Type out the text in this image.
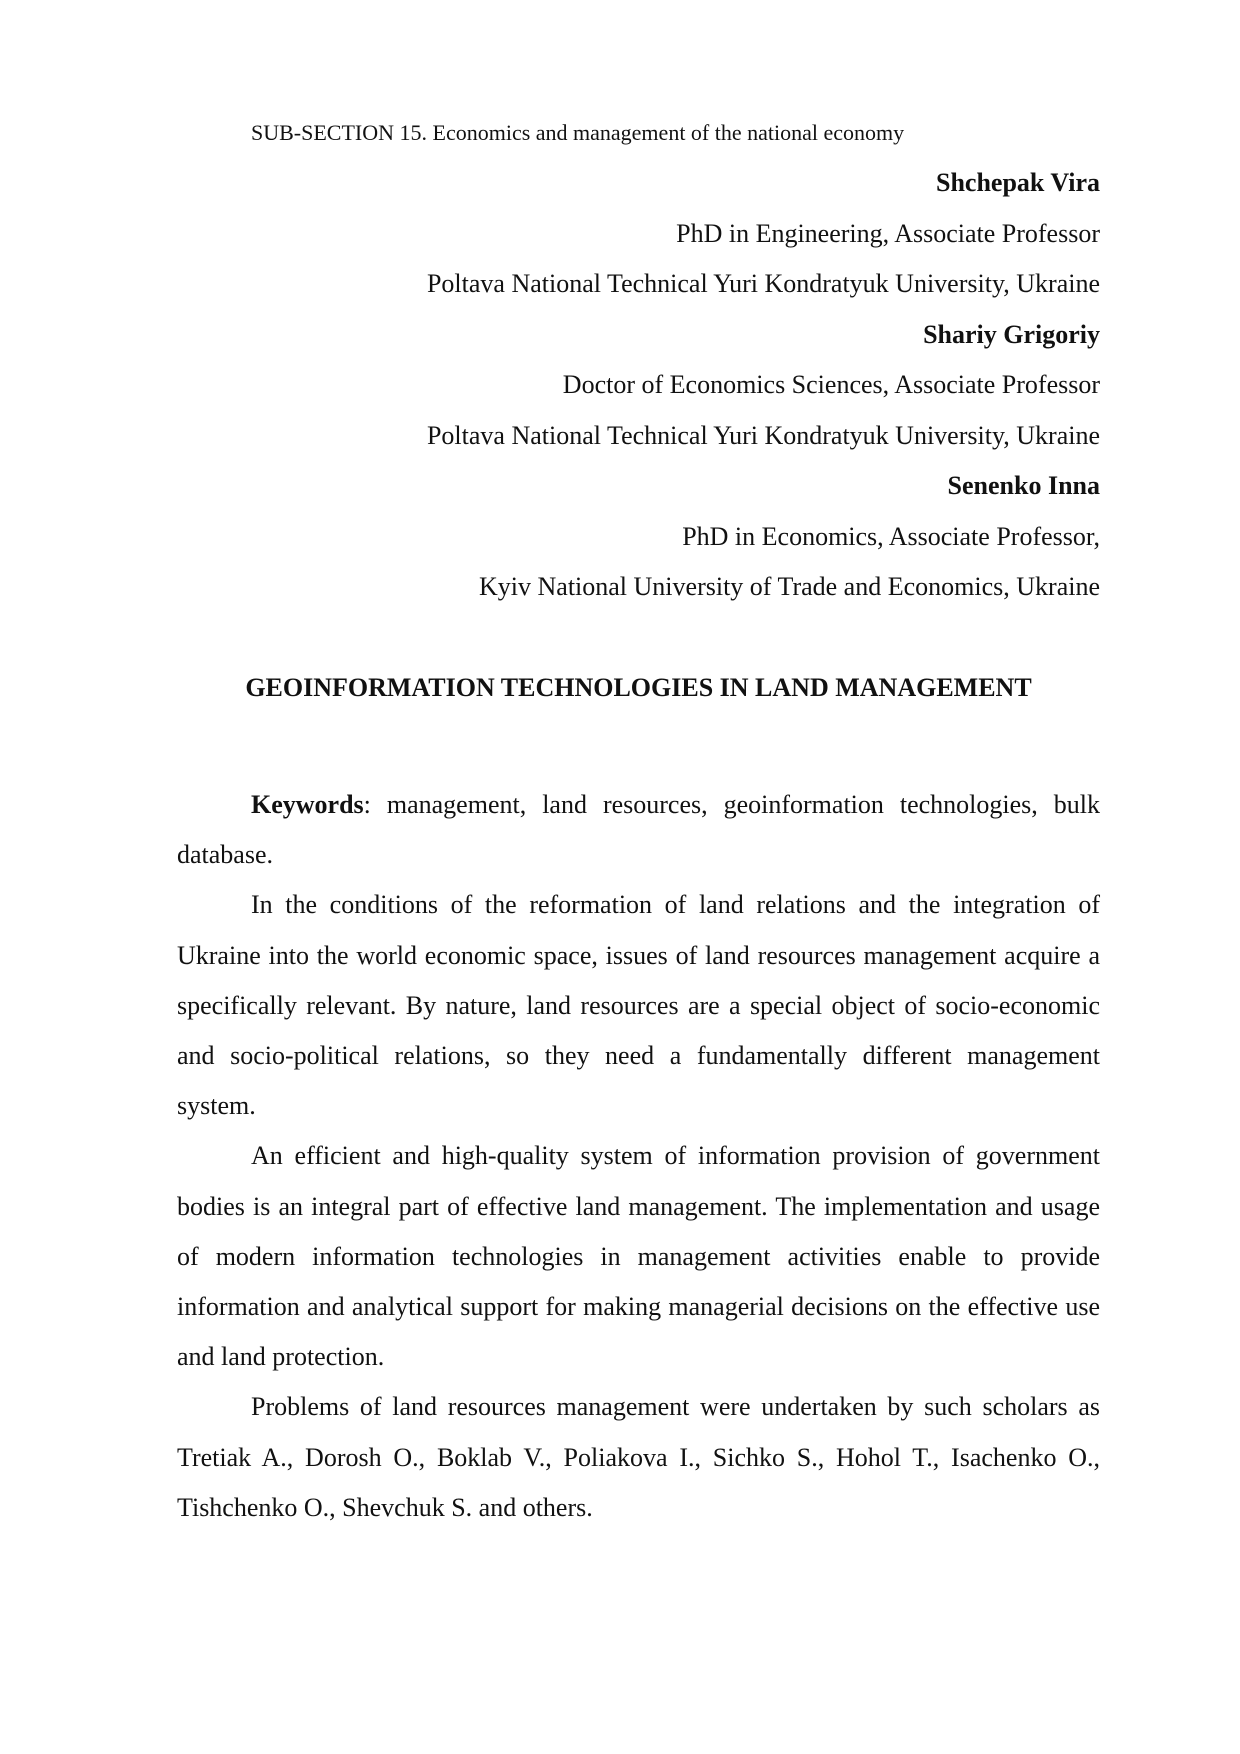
SUB-SECTION 15. Economics and management of the national economy
Shchepak Vira
PhD in Engineering, Associate Professor
Poltava National Technical Yuri Kondratyuk University, Ukraine
Shariy Grigoriy
Doctor of Economics Sciences, Associate Professor
Poltava National Technical Yuri Kondratyuk University, Ukraine
Senenko Inna
PhD in Economics, Associate Professor,
Kyiv National University of Trade and Economics, Ukraine
GEOINFORMATION TECHNOLOGIES IN LAND MANAGEMENT

Keywords: management, land resources, geoinformation technologies, bulk database.

In the conditions of the reformation of land relations and the integration of Ukraine into the world economic space, issues of land resources management acquire a specifically relevant. By nature, land resources are a special object of socio-economic and socio-political relations, so they need a fundamentally different management system.

An efficient and high-quality system of information provision of government bodies is an integral part of effective land management. The implementation and usage of modern information technologies in management activities enable to provide information and analytical support for making managerial decisions on the effective use and land protection.

Problems of land resources management were undertaken by such scholars as Tretiak A., Dorosh O., Boklab V., Poliakova I., Sichko S., Hohol T., Isachenko O., Tishchenko O., Shevchuk S. and others.
